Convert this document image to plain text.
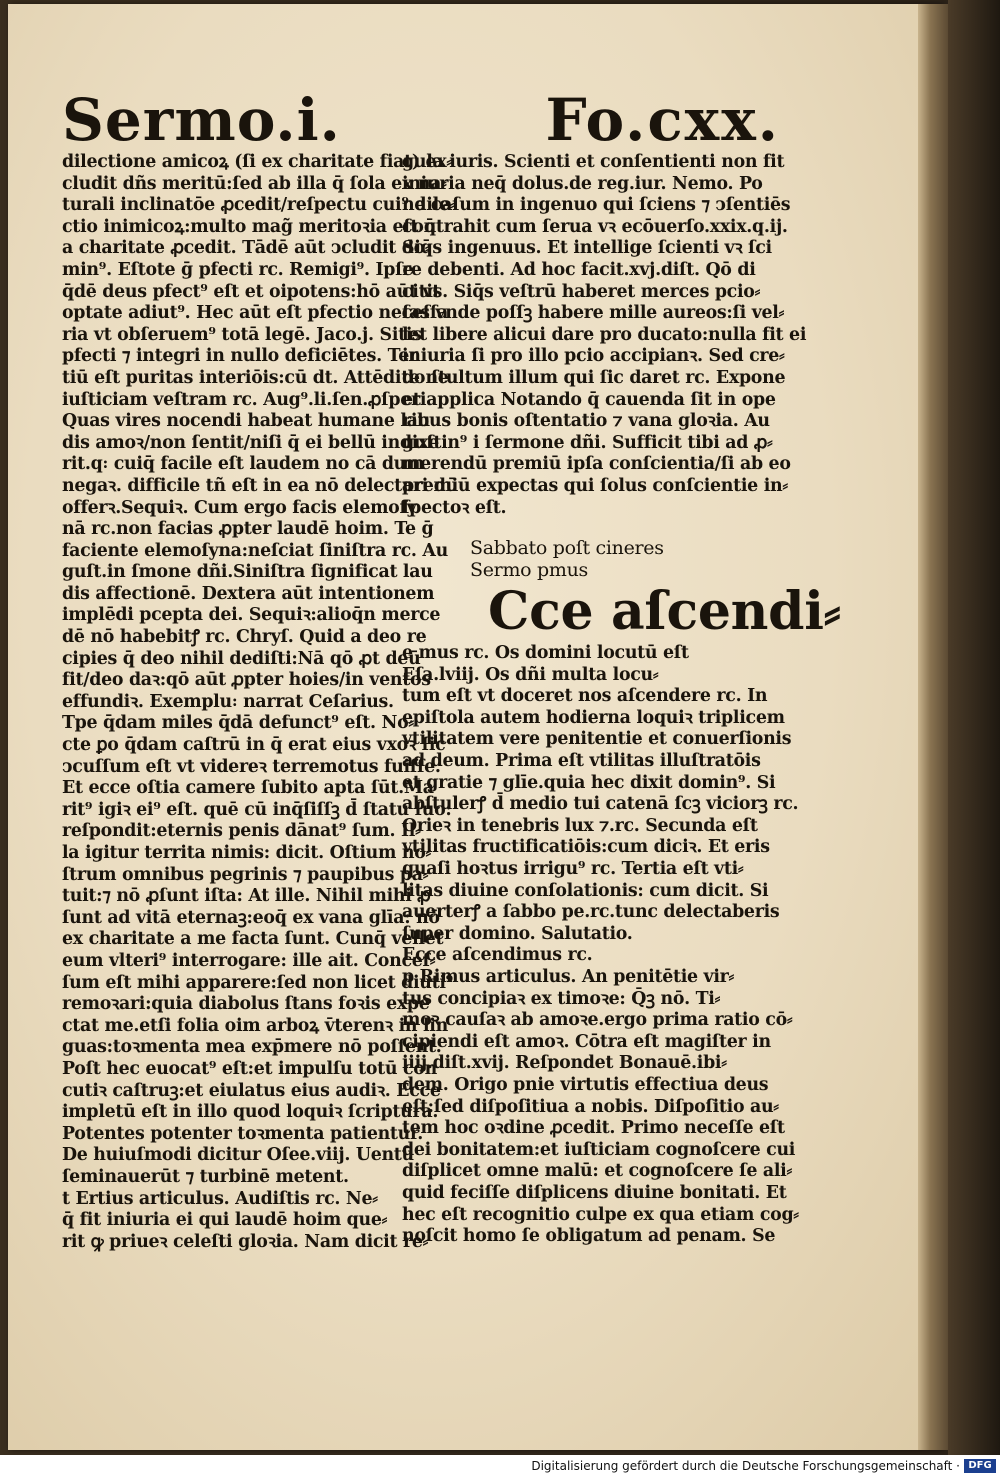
Sermo.i.	Fo.cxx.
dilectione amicoꝝ (ſi ex charitate fiat) ex⸗
cludit dñs meritū:ſed ab illa q̄ ſola ex na⸗
turali inclinatōe ꝓcedit/reſpectu cui⁹ dile⸗
ctio inimicoꝝ:multo mag̃ meritoꝛia eſt q̄
a charitate ꝓcedit. Tādē aūt ↄcludit do⸗
min⁹. Eſtote ḡ pfecti rc. Remigi⁹. Ipſe
q̄dē deus pfect⁹ eſt et oipotens:hō aūt vt
optate adiut⁹. Hec aūt eſt pfectio neceſſa
ria vt obſeruem⁹ totā legē. Jaco.j. Sitis
pfecti ⁊ integri in nullo deficiētes. Ter
tiū eſt puritas interiōis:cū dt. Attēdite ne
iuſticiam veſtram rc. Aug⁹.li.ſen.ꝓſperi
Quas vires nocendi habeat humane lau
dis amoꝛ/non ſentit/niſi q̄ ei bellū indixe
rit.q꞉ cuiq̄ facile eſt laudem no cā dum
negaꝛ. difficile tñ eſt in ea nō delectari dū
offerꝛ.Sequiꝛ. Cum ergo facis elemoſy
nā rc.non facias ꝓpter laudē hoim. Te ḡ
faciente elemoſyna:neſciat ſiniſtra rc. Au
guſt.in ſmone dñi.Siniſtra ſignificat lau
dis affectionē. Dextera aūt intentionem
implēdi pcepta dei. Sequiꝛ:alioq̄n merce
dē nō habebitꝭ rc. Chryſ. Quid a deo re
cipies q̄ deo nihil dediſti:Nā qō ꝓt deū
fit/deo daꝛ:qō aūt ꝓpter hoies/in ventos
effundiꝛ. Exemplu꞉ narrat Ceſarius.
Tpe q̄dam miles q̄dā defunct⁹ eſt. No⸗
cte ꝑo q̄dam caſtrū in q̄ erat eius vxoꝛ ſic
ↄcuſſum eſt vt videreꝛ terremotus fuiſſe.
Et ecce oſtia camere ſubito apta ſūt.Ma
rit⁹ igiꝛ ei⁹ eſt. quē cū inq̄ſiſſꝫ d̄ ſtatu ſuo:
reſpondit:eternis penis dānat⁹ ſum. Il⸗
la igitur territa nimis: dicit. Oſtium no⸗
ſtrum omnibus pegrinis ⁊ paupibus pa⸗
tuit:⁊ nō ꝓſunt iſta: At ille. Nihil mihi ꝓ
ſunt ad vitā eternaꝫ:eoq̄ ex vana glīa: nō
ex charitate a me facta ſunt. Cunq̄ vellet
eum vlteri⁹ interrogare: ille ait. Conceſ⸗
ſum eſt mihi apparere:ſed non licet diuti⁹
remoꝛari:quia diabolus ſtans foꝛis expe
ctat me.etſi folia oim arboꝝ v̄terenꝛ in lin
guas:toꝛmenta mea exp̄mere nō poſſent.
Poſt hec euocat⁹ eſt:et impulſu totū con
cutiꝛ caſtruꝫ:et eiulatus eius audiꝛ. Ecce
impletū eſt in illo quod loquiꝛ ſcriptura.
Potentes potenter toꝛmenta patientur.
De huiuſmodi dicitur Oſee.viij. Uentū
ſeminauerūt ⁊ turbinē metent.
t Ertius articulus. Audiſtis rc. Ne⸗
q̄ fit iniuria ei qui laudē hoim que⸗
rit ꝙ priueꝛ celeſti gloꝛia. Nam dicit re⸗
gula iuris. Scienti et conſentienti non fit
iniuria neq̄ dolus.de reg.iur. Nemo. Po
ne caſum in ingenuo qui ſciens ⁊ ↄſentiēs
contrahit cum ſerua vꝛ ecōuerſo.xxix.q.ij.
Siq̄s ingenuus. Et intellige ſcienti vꝛ ſci
re debenti. Ad hoc facit.xvj.diſt. Qō di
citis. Siq̄s veſtrū haberet merces pcio⸗
ſas vnde poſſꝫ habere mille aureos:ſi vel⸗
let libere alicui dare pro ducato:nulla fit ei
iniuria ſi pro illo pcio accipianꝛ. Sed cre⸗
do ſtultum illum qui ſic daret rc. Expone
et applica Notando q̄ cauenda ſit in ope
ribus bonis oſtentatio ⁊ vana gloꝛia. Au
guſtin⁹ i ſermone dñi. Sufficit tibi ad ꝓ⸗
merendū premiū ipſa conſcientia/ſi ab eo
premiū expectas qui ſolus conſcientie in⸗
ſpectoꝛ eſt.
Sabbato poſt cineres
Sermo pmus
Cce aſcendi⸗
e mus rc. Os domini locutū eſt
Eſa.lviij. Os dñi multa locu⸗
tum eſt vt doceret nos aſcendere rc. In
epiſtola autem hodierna loquiꝛ triplicem
vtilitatem vere penitentie et conuerſionis
ad deum. Prima eſt vtilitas illuſtratōis
et gratie ⁊ glīe.quia hec dixit domin⁹. Si
abſtulerꝭ d̄ medio tui catenā ſcꝫ viciorꝫ rc.
Orieꝛ in tenebris lux ⁊.rc. Secunda eſt
vtilitas fructificatiōis:cum diciꝛ. Et eris
quaſi hoꝛtus irrigu⁹ rc. Tertia eſt vti⸗
litas diuine conſolationis: cum dicit. Si
auerterꝭ a ſabbo pe.rc.tunc delectaberis
ſuper domino. Salutatio.
Ecce aſcendimus rc.
p Rimus articulus. An penitētie vir⸗
tus concipiaꝛ ex timoꝛe: Q̄ꝫ nō. Ti⸗
moꝛ cauſaꝛ ab amoꝛe.ergo prima ratio cō⸗
cipiendi eſt amoꝛ. Cōtra eſt magiſter in
iiij.diſt.xvij. Reſpondet Bonauē.ibi⸗
dem. Origo pnie virtutis effectiua deus
eſt:ſed diſpoſitiua a nobis. Diſpoſitio au⸗
tem hoc oꝛdine ꝓcedit. Primo neceſſe eſt
dei bonitatem:et iuſticiam cognoſcere cui
diſplicet omne malū: et cognoſcere ſe ali⸗
quid feciſſe diſplicens diuine bonitati. Et
hec eſt recognitio culpe ex qua etiam cog⸗
noſcit homo ſe obligatum ad penam. Se
Digitalisierung gefördert durch die Deutsche Forschungsgemeinschaft · DFG
